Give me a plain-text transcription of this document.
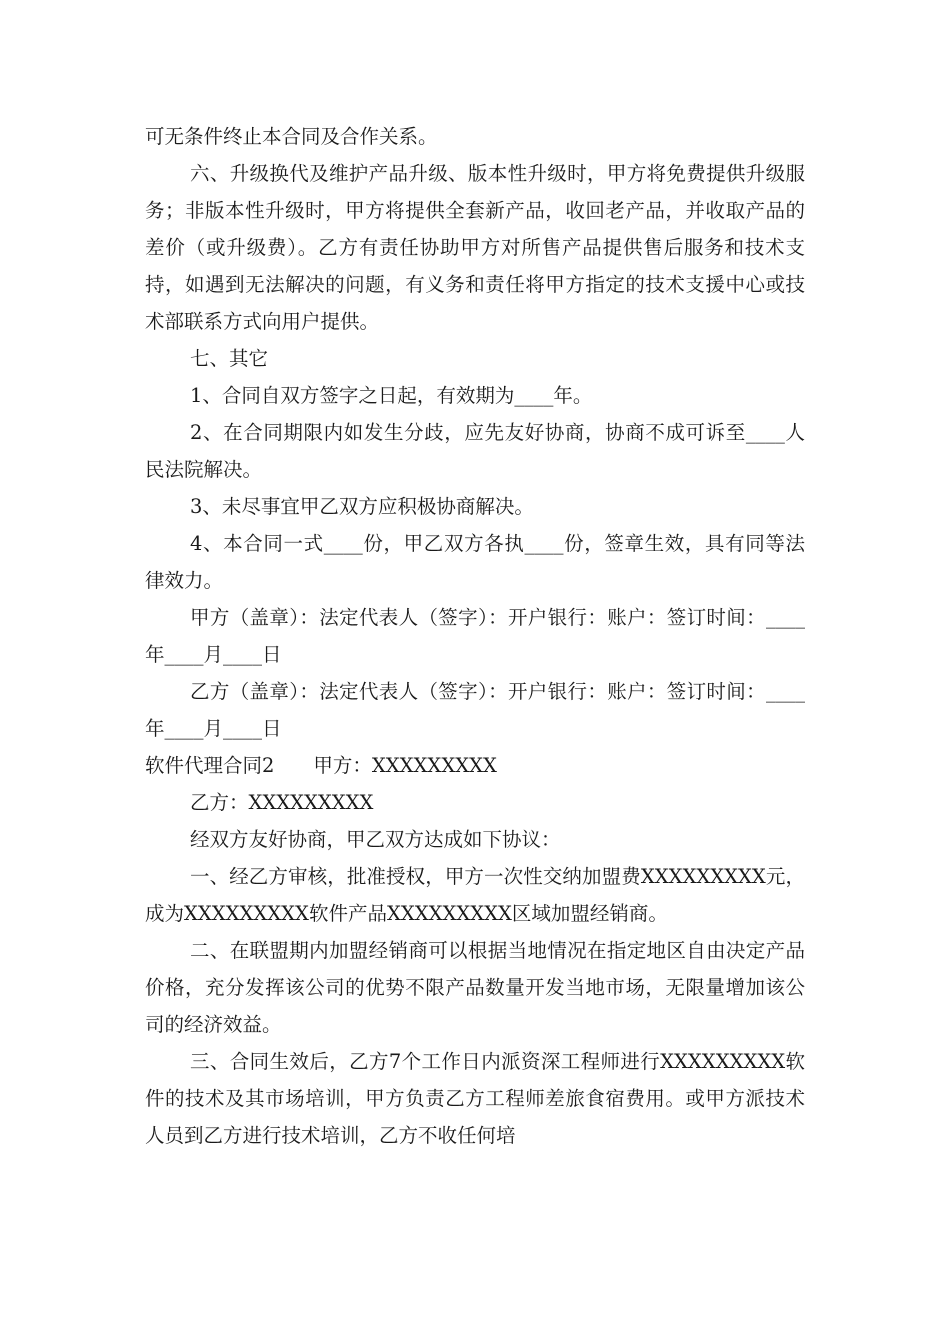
可无条件终止本合同及合作关系。

六、升级换代及维护产品升级、版本性升级时，甲方将免费提供升级服务；非版本性升级时，甲方将提供全套新产品，收回老产品，并收取产品的差价（或升级费）。乙方有责任协助甲方对所售产品提供售后服务和技术支持，如遇到无法解决的问题，有义务和责任将甲方指定的技术支援中心或技术部联系方式向用户提供。

七、其它

1、合同自双方签字之日起，有效期为____年。

2、在合同期限内如发生分歧，应先友好协商，协商不成可诉至____人民法院解决。

3、未尽事宜甲乙双方应积极协商解决。

4、本合同一式____份，甲乙双方各执____份，签章生效，具有同等法律效力。

甲方（盖章）：法定代表人（签字）：开户银行：账户：签订时间：____年____月____日

乙方（盖章）：法定代表人（签字）：开户银行：账户：签订时间：____年____月____日

软件代理合同2　　甲方：XXXXXXXXX

乙方：XXXXXXXXX

经双方友好协商，甲乙双方达成如下协议：

一、经乙方审核，批准授权，甲方一次性交纳加盟费XXXXXXXXX元，成为XXXXXXXXX软件产品XXXXXXXXX区域加盟经销商。

二、在联盟期内加盟经销商可以根据当地情况在指定地区自由决定产品价格，充分发挥该公司的优势不限产品数量开发当地市场，无限量增加该公司的经济效益。

三、合同生效后，乙方7个工作日内派资深工程师进行XXXXXXXXX软件的技术及其市场培训，甲方负责乙方工程师差旅食宿费用。或甲方派技术人员到乙方进行技术培训，乙方不收任何培
